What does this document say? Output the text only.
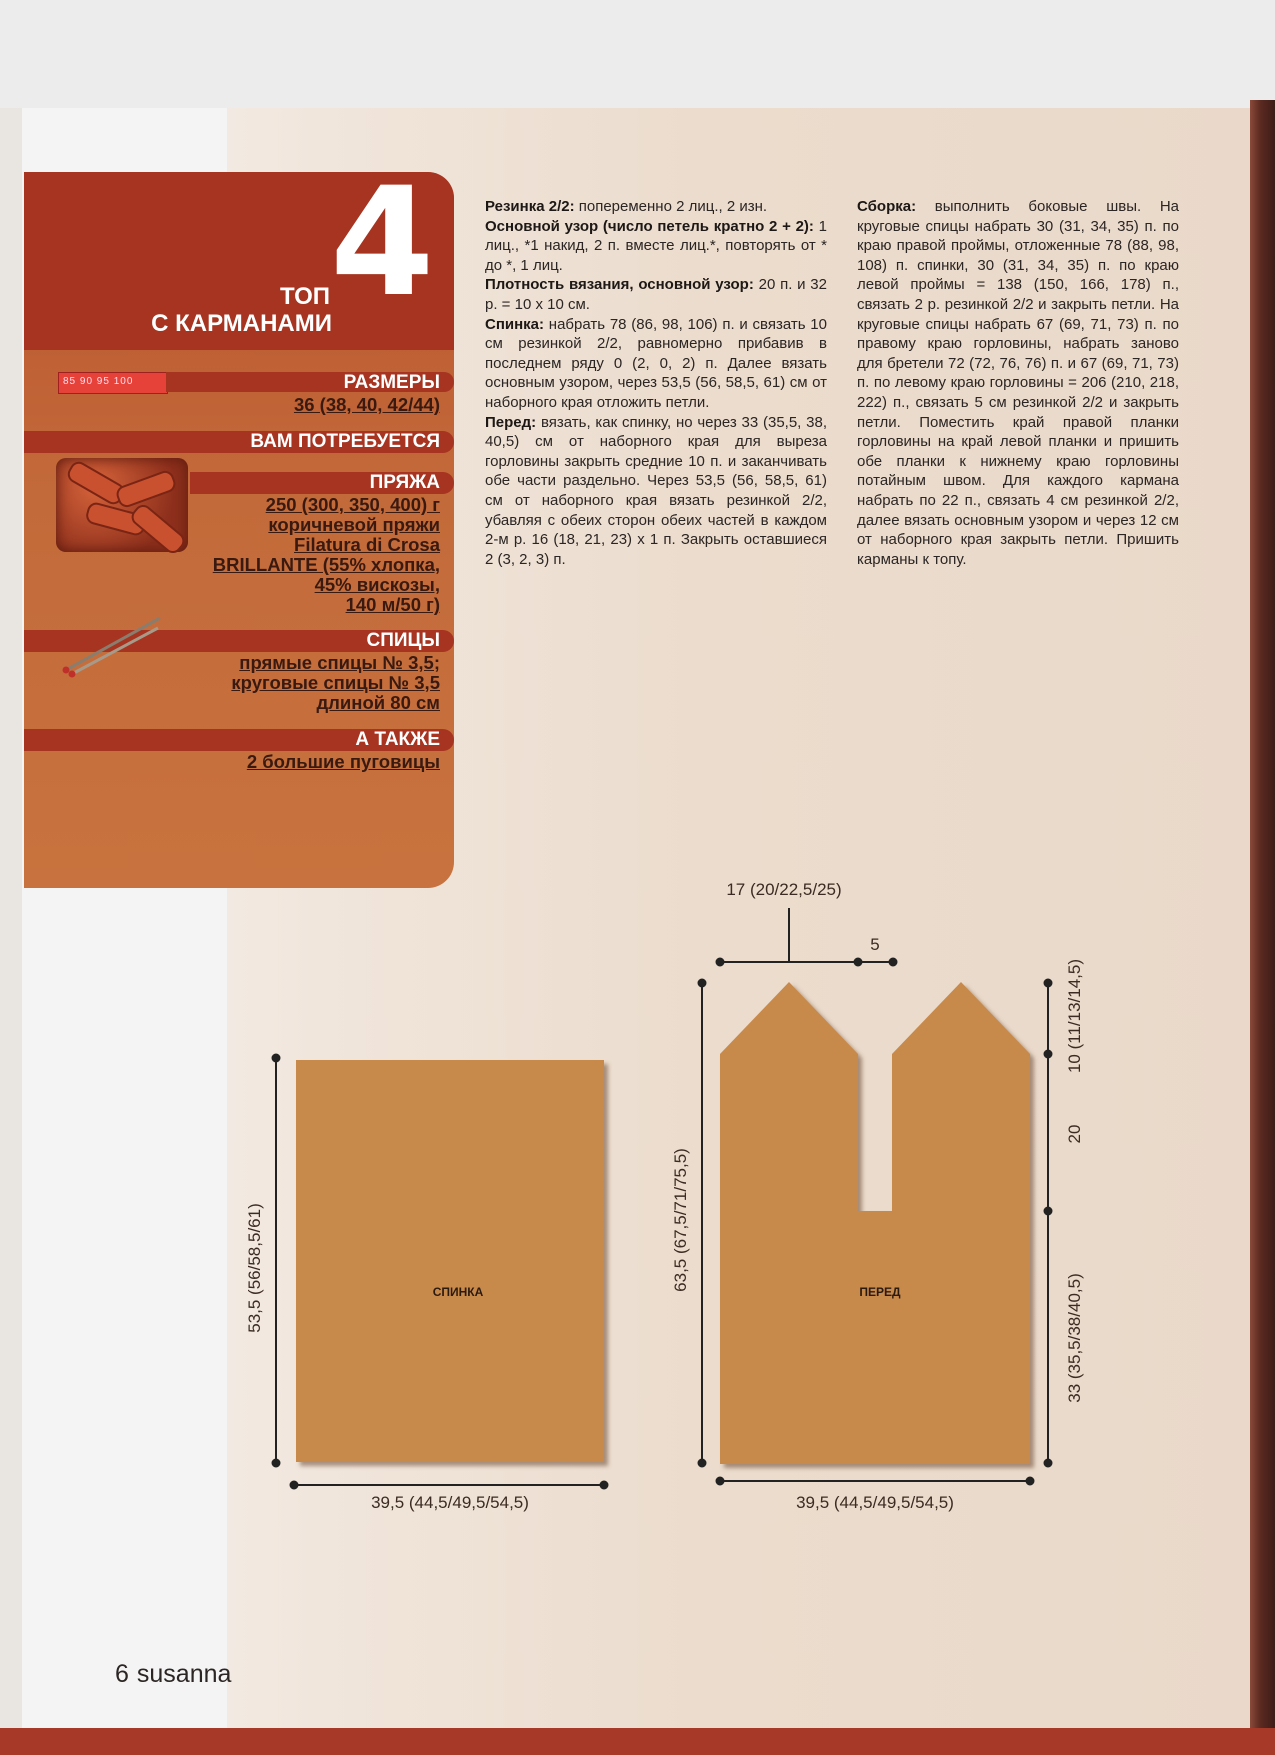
4
ТОП
С КАРМАНАМИ
85 90 95 100	РАЗМЕРЫ
36 (38, 40, 42/44)
ВАМ ПОТРЕБУЕТСЯ
ПРЯЖА
250 (300, 350, 400) г
коричневой пряжи
Filatura di Crosa
BRILLANTE (55% хлопка,
45% вискозы,
140 м/50 г)
СПИЦЫ
прямые спицы № 3,5;
круговые спицы № 3,5
длиной 80 см
А ТАКЖЕ
2 большие пуговицы

Резинка 2/2: попеременно 2 лиц., 2 изн.

Основной узор (число петель кратно 2 + 2): 1 лиц., *1 накид, 2 п. вместе лиц.*, повторять от * до *, 1 лиц.

Плотность вязания, основной узор: 20 п. и 32 р. = 10 х 10 см.

Спинка: набрать 78 (86, 98, 106) п. и связать 10 см резинкой 2/2, равномерно прибавив в последнем ряду 0 (2, 0, 2) п. Далее вязать основным узором, через 53,5 (56, 58,5, 61) см от наборного края отложить петли.

Перед: вязать, как спинку, но через 33 (35,5, 38, 40,5) см от наборного края для выреза горловины закрыть средние 10 п. и заканчивать обе части раздельно. Через 53,5 (56, 58,5, 61) см от наборного края вязать резинкой 2/2, убавляя с обеих сторон обеих частей в каждом 2-м р. 16 (18, 21, 23) х 1 п. Закрыть оставшиеся 2 (3, 2, 3) п.

Сборка: выполнить боковые швы. На круговые спицы набрать 30 (31, 34, 35) п. по краю правой проймы, отложенные 78 (88, 98, 108) п. спинки, 30 (31, 34, 35) п. по краю левой проймы = 138 (150, 166, 178) п., связать 2 р. резинкой 2/2 и закрыть петли. На круговые спицы набрать 67 (69, 71, 73) п. по правому краю горловины, набрать заново для бретели 72 (72, 76, 76) п. и 67 (69, 71, 73) п. по левому краю горловины = 206 (210, 218, 222) п., связать 5 см резинкой 2/2 и закрыть петли. Поместить край правой планки горловины на край левой планки и пришить обе планки к нижнему краю горловины потайным швом. Для каждого кармана набрать по 22 п., связать 4 см резинкой 2/2, далее вязать основным узором и через 12 см от наборного края закрыть петли. Пришить карманы к топу.

СПИНКА	ПЕРЕД
17 (20/22,5/25)
5
39,5 (44,5/49,5/54,5)	39,5 (44,5/49,5/54,5)
53,5 (56/58,5/61)	63,5 (67,5/71/75,5)
10 (11/13/14,5)
20
33 (35,5/38/40,5)
6 susanna
